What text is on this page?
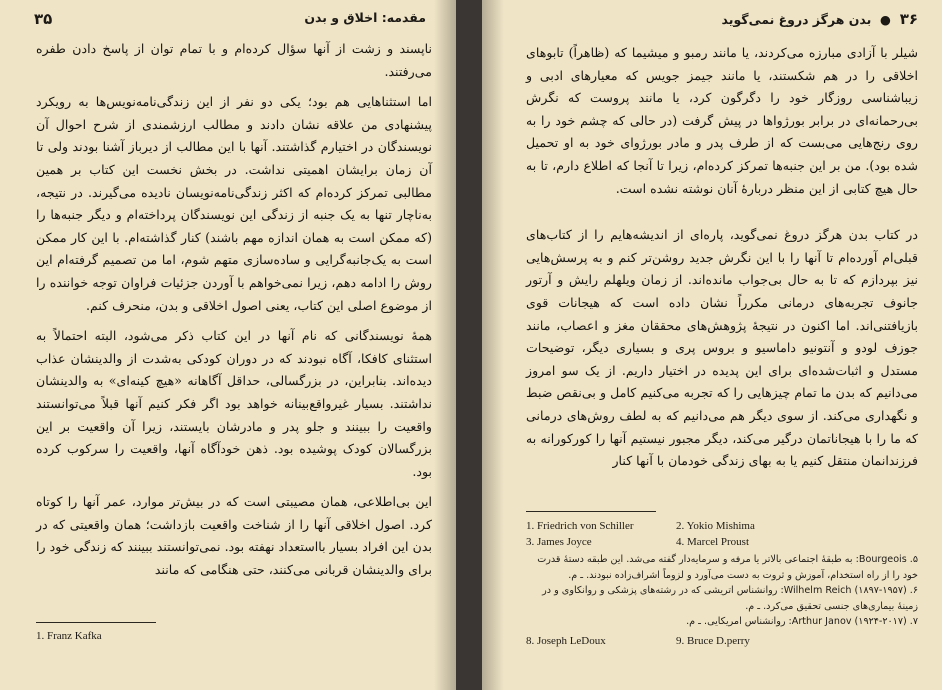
مقدمه: اخلاق و بدن
۳۵

ناپسند و زشت از آنها سؤال کرده‌ام و با تمام توان از پاسخ دادن طفره می‌رفتند.

اما استثناهایی هم بود؛ یکی دو نفر از این زندگی‌نامه‌نویس‌ها به رویکرد پیشنهادی من علاقه نشان دادند و مطالب ارزشمندی از شرح احوال آن نویسندگان در اختیارم گذاشتند. آنها با این مطالب از دیرباز آشنا بودند ولی تا آن زمان برایشان اهمیتی نداشت. در بخش نخست این کتاب بر همین مطالبی تمرکز کرده‌ام که اکثر زندگی‌نامه‌نویسان نادیده می‌گیرند. در نتیجه، به‌ناچار تنها به یک جنبه از زندگی این نویسندگان پرداخته‌ام و دیگر جنبه‌ها را (که ممکن است به همان اندازه مهم باشند) کنار گذاشته‌ام. با این کار ممکن است به یک‌جانبه‌گرایی و ساده‌سازی متهم شوم، اما من تصمیم گرفته‌ام این روش را ادامه دهم، زیرا نمی‌خواهم با آوردن جزئیات فراوان توجه خواننده را از موضوع اصلی این کتاب، یعنی اصول اخلاقی و بدن، منحرف کنم.

همهٔ نویسندگانی که نام آنها در این کتاب ذکر می‌شود، البته احتمالاً به استثنای کافکا، آگاه نبودند که در دوران کودکی به‌شدت از والدینشان عذاب دیده‌اند. بنابراین، در بزرگسالی، حداقل آگاهانه «هیچ کینه‌ای» به والدینشان نداشتند. بسیار غیرواقع‌بینانه خواهد بود اگر فکر کنیم آنها قبلاً می‌توانستند واقعیت را ببینند و جلو پدر و مادرشان بایستند، زیرا آن واقعیت بر این بزرگسالان کودک پوشیده بود. ذهن خودآگاه آنها، واقعیت را سرکوب کرده بود.

این بی‌اطلاعی، همان مصیبتی است که در بیش‌تر موارد، عمر آنها را کوتاه کرد. اصول اخلاقی آنها را از شناخت واقعیت بازداشت؛ همان واقعیتی که در بدن این افراد بسیار بااستعداد نهفته بود. نمی‌توانستند ببینند که زندگی خود را برای والدینشان قربانی می‌کنند، حتی هنگامی که مانند

1. Franz Kafka
۳۶  ●  بدن هرگز دروغ نمی‌گوید

شیلر با آزادی مبارزه می‌کردند، یا مانند رمبو و میشیما که (ظاهراً) تابوهای اخلاقی را در هم شکستند، یا مانند جیمز جویس که معیارهای ادبی و زیباشناسی روزگار خود را دگرگون کرد، یا مانند پروست که نگرش بی‌رحمانه‌ای در برابر بورژواها در پیش گرفت (در حالی که چشم خود را به روی رنج‌هایی می‌بست که از طرف پدر و مادر بورژوای خود به او تحمیل شده بود). من بر این جنبه‌ها تمرکز کرده‌ام، زیرا تا آنجا که اطلاع دارم، تا به حال هیچ کتابی از این منظر دربارهٔ آنان نوشته نشده است.

در کتاب بدن هرگز دروغ نمی‌گوید، پاره‌ای از اندیشه‌هایم را از کتاب‌های قبلی‌ام آورده‌ام تا آنها را با این نگرش جدید روشن‌تر کنم و به پرسش‌هایی نیز بپردازم که تا به حال بی‌جواب مانده‌اند. از زمان ویلهلم رایش و آرتور جانوف تجربه‌های درمانی مکرراً نشان داده است که هیجانات قوی بازیافتنی‌اند. اما اکنون در نتیجهٔ پژوهش‌های محققان مغز و اعصاب، مانند جوزف لودو و آنتونیو داماسیو و بروس پری و بسیاری دیگر، توضیحات مستدل و اثبات‌شده‌ای برای این پدیده در اختیار داریم. از یک سو امروز می‌دانیم که بدن ما تمام چیزهایی را که تجربه می‌کنیم کامل و بی‌نقص ضبط و نگهداری می‌کند. از سوی دیگر هم می‌دانیم که به لطف روش‌های درمانی که ما را با هیجاناتمان درگیر می‌کند، دیگر مجبور نیستیم آنها را کورکورانه به فرزندانمان منتقل کنیم یا به بهای زندگی خودمان با آنها کنار

1. Friedrich von Schiller	2. Yokio Mishima
3. James Joyce	4. Marcel Proust
۵. Bourgeois: به طبقهٔ اجتماعی بالاتر یا مرفه و سرمایه‌دار گفته می‌شد. این طبقه دستهٔ قدرت
خود را از راه استخدام، آموزش و ثروت به دست می‌آورد و لزوماً اشراف‌زاده نبودند. ـ م.
۶. Wilhelm Reich (۱۸۹۷-۱۹۵۷): روانشناس اتریشی که در رشته‌های پزشکی و روانکاوی و در
زمینهٔ بیماری‌های جنسی تحقیق می‌کرد. ـ م.
۷. Arthur Janov (۱۹۲۴-۲۰۱۷): روانشناس امریکایی. ـ م.
8. Joseph LeDoux	9. Bruce D.perry
